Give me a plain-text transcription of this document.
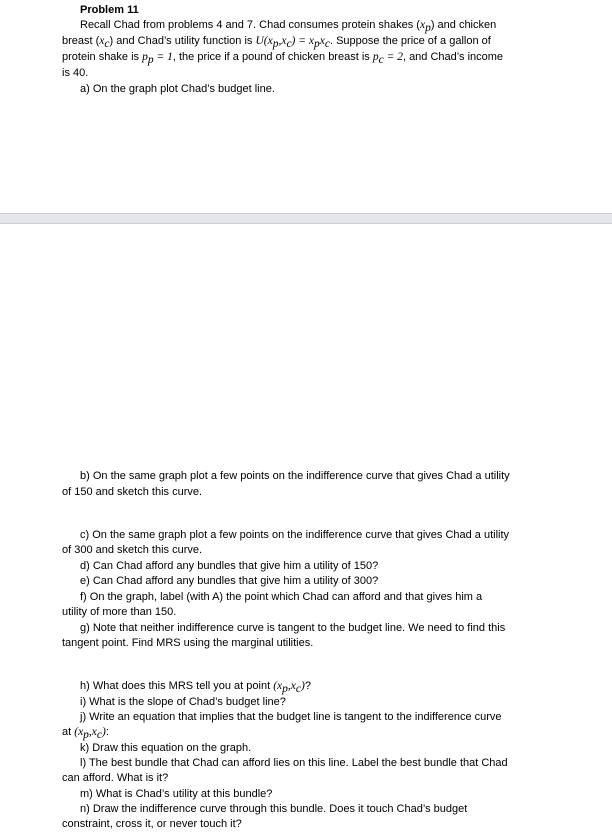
Problem 11
Recall Chad from problems 4 and 7. Chad consumes protein shakes $(x_p)$ and chicken
breast $(x_c)$ and Chad’s utility function is $U(x_p,x_c) = x_px_c$. Suppose the price of a gallon of
protein shake is $p_p = 1$, the price if a pound of chicken breast is $p_c = 2$, and Chad’s income
is 40.
a) On the graph plot Chad’s budget line.
b) On the same graph plot a few points on the indifference curve that gives Chad a utility
of 150 and sketch this curve.
c) On the same graph plot a few points on the indifference curve that gives Chad a utility
of 300 and sketch this curve.
d) Can Chad afford any bundles that give him a utility of 150?
e) Can Chad afford any bundles that give him a utility of 300?
f) On the graph, label (with A) the point which Chad can afford and that gives him a
utility of more than 150.
g) Note that neither indifference curve is tangent to the budget line. We need to find this
tangent point. Find MRS using the marginal utilities.
h) What does this MRS tell you at point $(x_p,x_c)$?
i) What is the slope of Chad’s budget line?
j) Write an equation that implies that the budget line is tangent to the indifference curve
at $(x_p,x_c)$:
k) Draw this equation on the graph.
l) The best bundle that Chad can afford lies on this line. Label the best bundle that Chad
can afford. What is it?
m) What is Chad’s utility at this bundle?
n) Draw the indifference curve through this bundle. Does it touch Chad’s budget
constraint, cross it, or never touch it?
